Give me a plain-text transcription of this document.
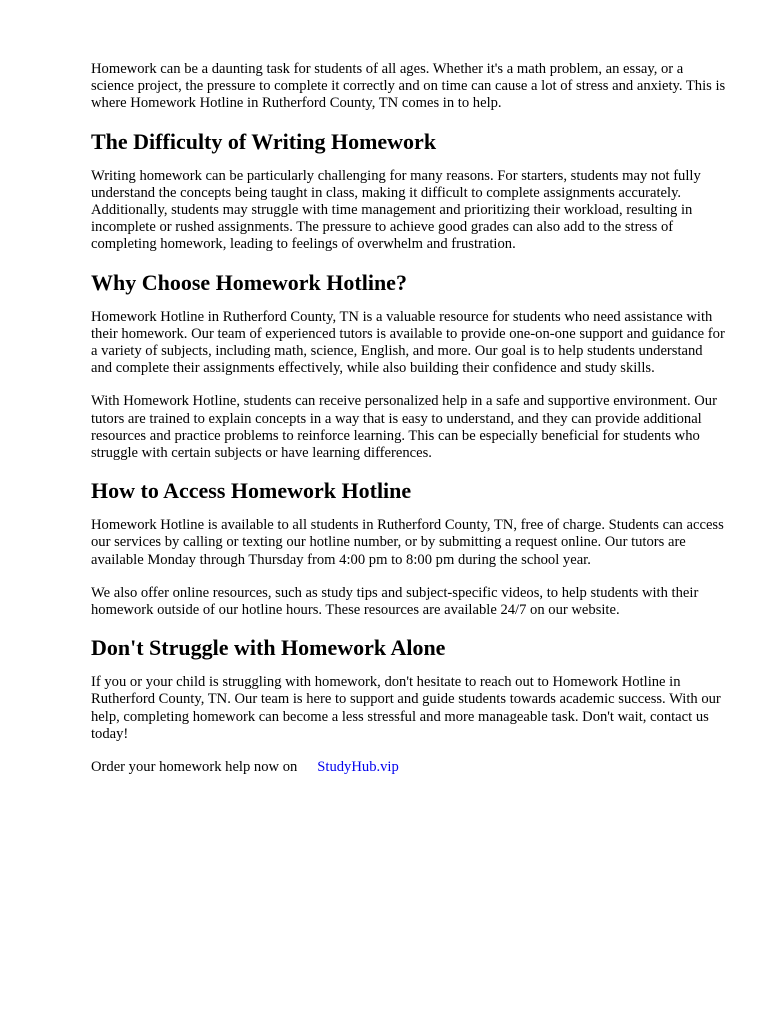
Homework can be a daunting task for students of all ages. Whether it's a math problem, an essay, or a science project, the pressure to complete it correctly and on time can cause a lot of stress and anxiety. This is where Homework Hotline in Rutherford County, TN comes in to help.

The Difficulty of Writing Homework

Writing homework can be particularly challenging for many reasons. For starters, students may not fully understand the concepts being taught in class, making it difficult to complete assignments accurately. Additionally, students may struggle with time management and prioritizing their workload, resulting in incomplete or rushed assignments. The pressure to achieve good grades can also add to the stress of completing homework, leading to feelings of overwhelm and frustration.

Why Choose Homework Hotline?

Homework Hotline in Rutherford County, TN is a valuable resource for students who need assistance with their homework. Our team of experienced tutors is available to provide one-on-one support and guidance for a variety of subjects, including math, science, English, and more. Our goal is to help students understand and complete their assignments effectively, while also building their confidence and study skills.

With Homework Hotline, students can receive personalized help in a safe and supportive environment. Our tutors are trained to explain concepts in a way that is easy to understand, and they can provide additional resources and practice problems to reinforce learning. This can be especially beneficial for students who struggle with certain subjects or have learning differences.

How to Access Homework Hotline

Homework Hotline is available to all students in Rutherford County, TN, free of charge. Students can access our services by calling or texting our hotline number, or by submitting a request online. Our tutors are available Monday through Thursday from 4:00 pm to 8:00 pm during the school year.

We also offer online resources, such as study tips and subject-specific videos, to help students with their homework outside of our hotline hours. These resources are available 24/7 on our website.

Don't Struggle with Homework Alone

If you or your child is struggling with homework, don't hesitate to reach out to Homework Hotline in Rutherford County, TN. Our team is here to support and guide students towards academic success. With our help, completing homework can become a less stressful and more manageable task. Don't wait, contact us today!

Order your homework help now on StudyHub.vip
